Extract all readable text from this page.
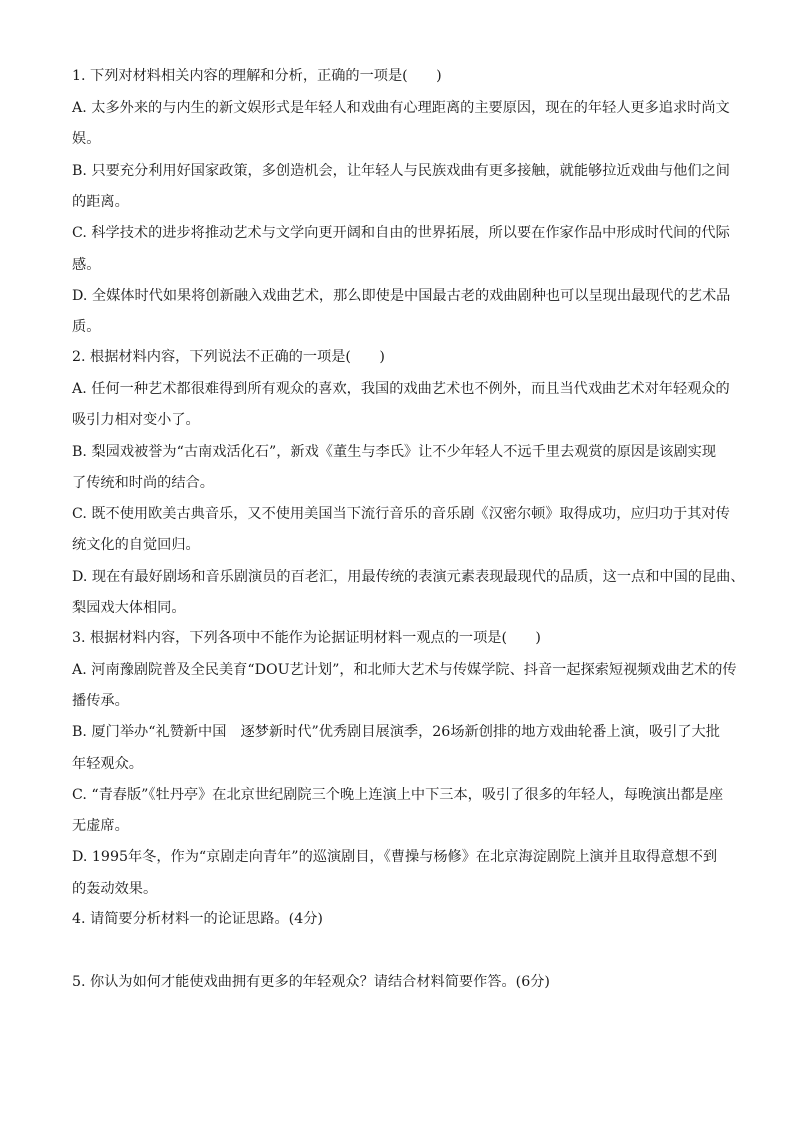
1. 下列对材料相关内容的理解和分析，正确的一项是(　　)
A. 太多外来的与内生的新文娱形式是年轻人和戏曲有心理距离的主要原因，现在的年轻人更多追求时尚文
娱。
B. 只要充分利用好国家政策，多创造机会，让年轻人与民族戏曲有更多接触，就能够拉近戏曲与他们之间
的距离。
C. 科学技术的进步将推动艺术与文学向更开阔和自由的世界拓展，所以要在作家作品中形成时代间的代际
感。
D. 全媒体时代如果将创新融入戏曲艺术，那么即使是中国最古老的戏曲剧种也可以呈现出最现代的艺术品
质。
2. 根据材料内容，下列说法不正确的一项是(　　)
A. 任何一种艺术都很难得到所有观众的喜欢，我国的戏曲艺术也不例外，而且当代戏曲艺术对年轻观众的
吸引力相对变小了。
B. 梨园戏被誉为“古南戏活化石”，新戏《董生与李氏》让不少年轻人不远千里去观赏的原因是该剧实现
了传统和时尚的结合。
C. 既不使用欧美古典音乐，又不使用美国当下流行音乐的音乐剧《汉密尔顿》取得成功，应归功于其对传
统文化的自觉回归。
D. 现在有最好剧场和音乐剧演员的百老汇，用最传统的表演元素表现最现代的品质，这一点和中国的昆曲、
梨园戏大体相同。
3. 根据材料内容，下列各项中不能作为论据证明材料一观点的一项是(　　)
A. 河南豫剧院普及全民美育“DOU艺计划”，和北师大艺术与传媒学院、抖音一起探索短视频戏曲艺术的传
播传承。
B. 厦门举办“礼赞新中国　逐梦新时代”优秀剧目展演季，26场新创排的地方戏曲轮番上演，吸引了大批
年轻观众。
C. “青春版”《牡丹亭》在北京世纪剧院三个晚上连演上中下三本，吸引了很多的年轻人，每晚演出都是座
无虚席。
D. 1995年冬，作为“京剧走向青年”的巡演剧目，《曹操与杨修》在北京海淀剧院上演并且取得意想不到
的轰动效果。
4. 请简要分析材料一的论证思路。(4分)
5. 你认为如何才能使戏曲拥有更多的年轻观众？请结合材料简要作答。(6分)
